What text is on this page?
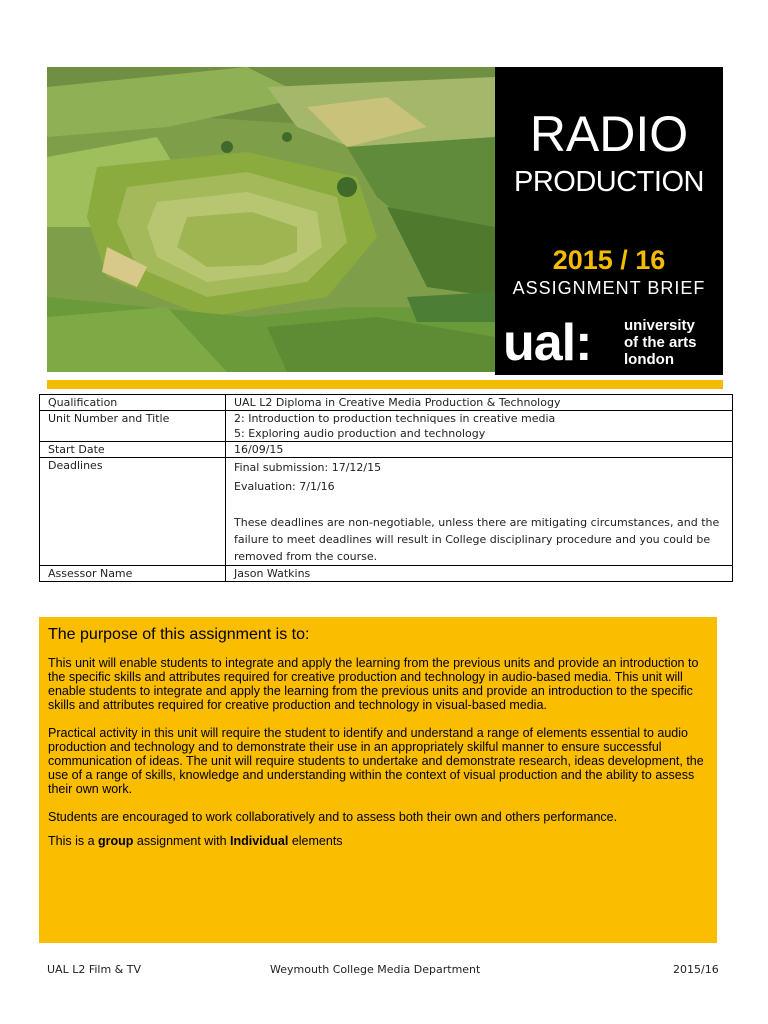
RADIO
PRODUCTION
2015 / 16
ASSIGNMENT BRIEF
ual: university
of the arts
london
Qualification	UAL L2 Diploma in Creative Media Production & Technology
Unit Number and Title	2: Introduction to production techniques in creative media
5: Exploring audio production and technology

Start Date	16/09/15
Deadlines	Final submission: 17/12/15
Evaluation: 7/1/16
These deadlines are non-negotiable, unless there are mitigating circumstances, and the failure to meet deadlines will result in College disciplinary procedure and you could be removed from the course.

Assessor Name	Jason Watkins
The purpose of this assignment is to:

This unit will enable students to integrate and apply the learning from the previous units and provide an introduction to the specific skills and attributes required for creative production and technology in audio-based media. This unit will enable students to integrate and apply the learning from the previous units and provide an introduction to the specific skills and attributes required for creative production and technology in visual-based media.

Practical activity in this unit will require the student to identify and understand a range of elements essential to audio production and technology and to demonstrate their use in an appropriately skilful manner to ensure successful communication of ideas. The unit will require students to undertake and demonstrate research, ideas development, the use of a range of skills, knowledge and understanding within the context of visual production and the ability to assess their own work.

Students are encouraged to work collaboratively and to assess both their own and others performance.

This is a group assignment with Individual elements

UAL L2 Film & TV	Weymouth College Media Department	2015/16
